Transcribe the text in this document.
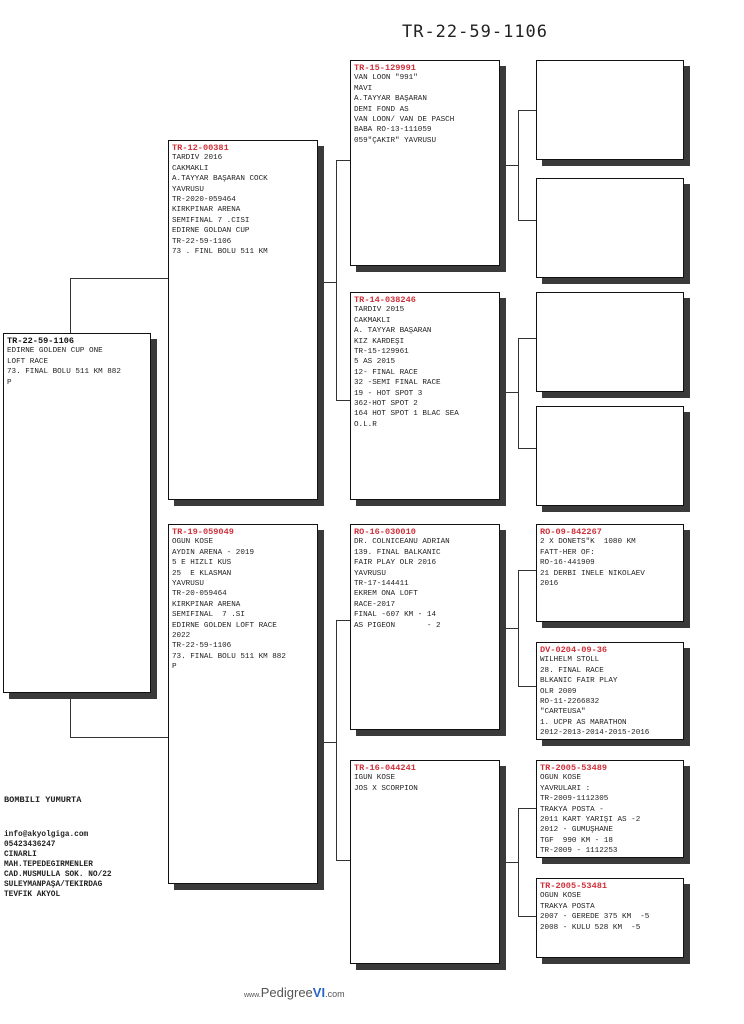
TR-22-59-1106
TR-22-59-1106
EDIRNE GOLDEN CUP ONE
LOFT RACE
73. FINAL BOLU 511 KM 882
P
TR-12-00381
TARDIV 2016
CAKMAKLI
A.TAYYAR BAŞARAN COCK
YAVRUSU
TR-2020-059464
KIRKPINAR ARENA
SEMIFINAL 7 .CISI
EDIRNE GOLDAN CUP
TR-22-59-1106
73 . FINL BOLU 511 KM
TR-19-059049
OGUN KOSE
AYDIN ARENA - 2019
5 E HIZLI KUS
25  E KLASMAN
YAVRUSU
TR-20-059464
KIRKPINAR ARENA
SEMIFINAL  7 .SI
EDIRNE GOLDEN LOFT RACE
2022
TR-22-59-1106
73. FINAL BOLU 511 KM 882
P
TR-15-129991
VAN LOON "991"
MAVI
A.TAYYAR BAŞARAN
DEMI FOND AS
VAN LOON/ VAN DE PASCH
BABA RO-13-111059
059"ÇAKIR" YAVRUSU
TR-14-038246
TARDIV 2015
CAKMAKLI
A. TAYYAR BAŞARAN
KIZ KARDEŞI
TR-15-129961
5 AS 2015
12- FINAL RACE
32 -SEMI FINAL RACE
19 - HOT SPOT 3
362-HOT SPOT 2
164 HOT SPOT 1 BLAC SEA
O.L.R
RO-16-030010
DR. COLNICEANU ADRIAN
139. FINAL BALKANIC
FAIR PLAY OLR 2016
YAVRUSU
TR-17-144411
EKREM ONA LOFT
RACE-2017
FINAL -607 KM - 14
AS PIGEON       - 2
TR-16-044241
IGUN KOSE
JOS X SCORPION
RO-09-842267
2 X DONETS"K  1080 KM
FATT-HER OF:
RO-16-441909
21 DERBI INELE NIKOLAEV
2016
DV-0204-09-36
WILHELM STOLL
28. FINAL RACE
BLKANIC FAIR PLAY
OLR 2009
RO-11-2266832
"CARTEUSA"
1. UCPR AS MARATHON
2012-2013-2014-2015-2016
TR-2005-53489
OGUN KOSE
YAVRULARI :
TR-2009-1112305
TRAKYA POSTA -
2011 KART YARIŞI AS -2
2012 - GUMUŞHANE
TGF  990 KM - 18
TR-2009 - 1112253
TR-2005-53481
OGUN KOSE
TRAKYA POSTA
2007 - GEREDE 375 KM  -5
2008 - KULU 528 KM  -5
BOMBILI YUMURTA
info@akyolgiga.com
05423436247
CINARLI
MAH.TEPEDEGIRMENLER
CAD.MUSMULLA SOK. NO/22
SULEYMANPAŞA/TEKIRDAG
TEVFIK AKYOL
www.PedigreeVI.com
